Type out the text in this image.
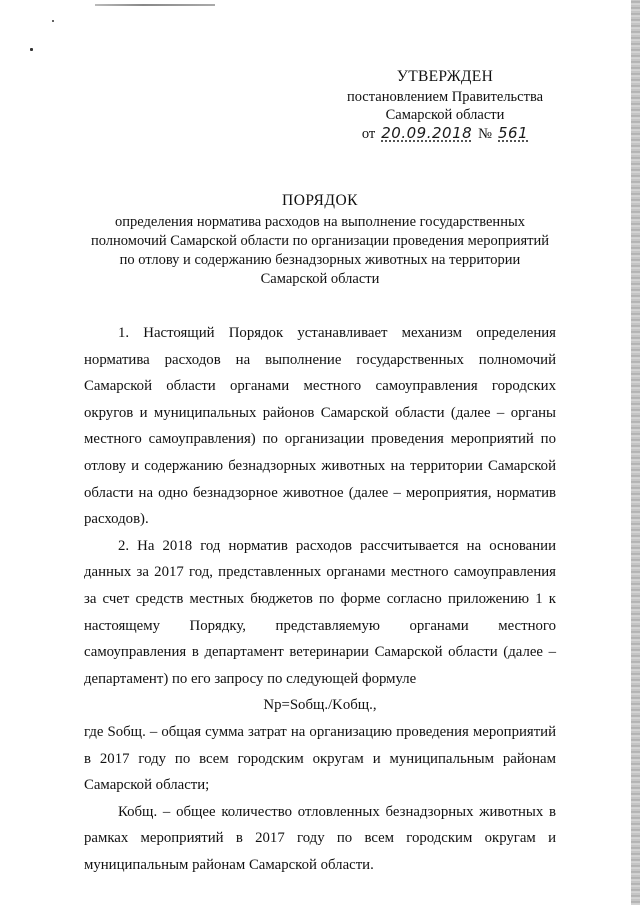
УТВЕРЖДЕН
постановлением Правительства
Самарской области
от 20.09.2018 № 561
ПОРЯДОК
определения норматива расходов на выполнение государственных
полномочий Самарской области по организации проведения мероприятий
по отлову и содержанию безнадзорных животных на территории
Самарской области

1. Настоящий Порядок устанавливает механизм определения норматива расходов на выполнение государственных полномочий Самарской области органами местного самоуправления городских округов и муниципальных районов Самарской области (далее – органы местного самоуправления) по организации проведения мероприятий по отлову и содержанию безнадзорных животных на территории Самарской области на одно безнадзорное животное (далее – мероприятия, норматив расходов).

2. На 2018 год норматив расходов рассчитывается на основании данных за 2017 год, представленных органами местного самоуправления за счет средств местных бюджетов по форме согласно приложению 1 к настоящему Порядку, представляемую органами местного самоуправления в департамент ветеринарии Самарской области (далее – департамент) по его запросу по следующей формуле

Np=Sобщ./Kобщ.,

где Sобщ. – общая сумма затрат на организацию проведения мероприятий в 2017 году по всем городским округам и муниципальным районам Самарской области;

Кобщ. – общее количество отловленных безнадзорных животных в рамках мероприятий в 2017 году по всем городским округам и муниципальным районам Самарской области.
